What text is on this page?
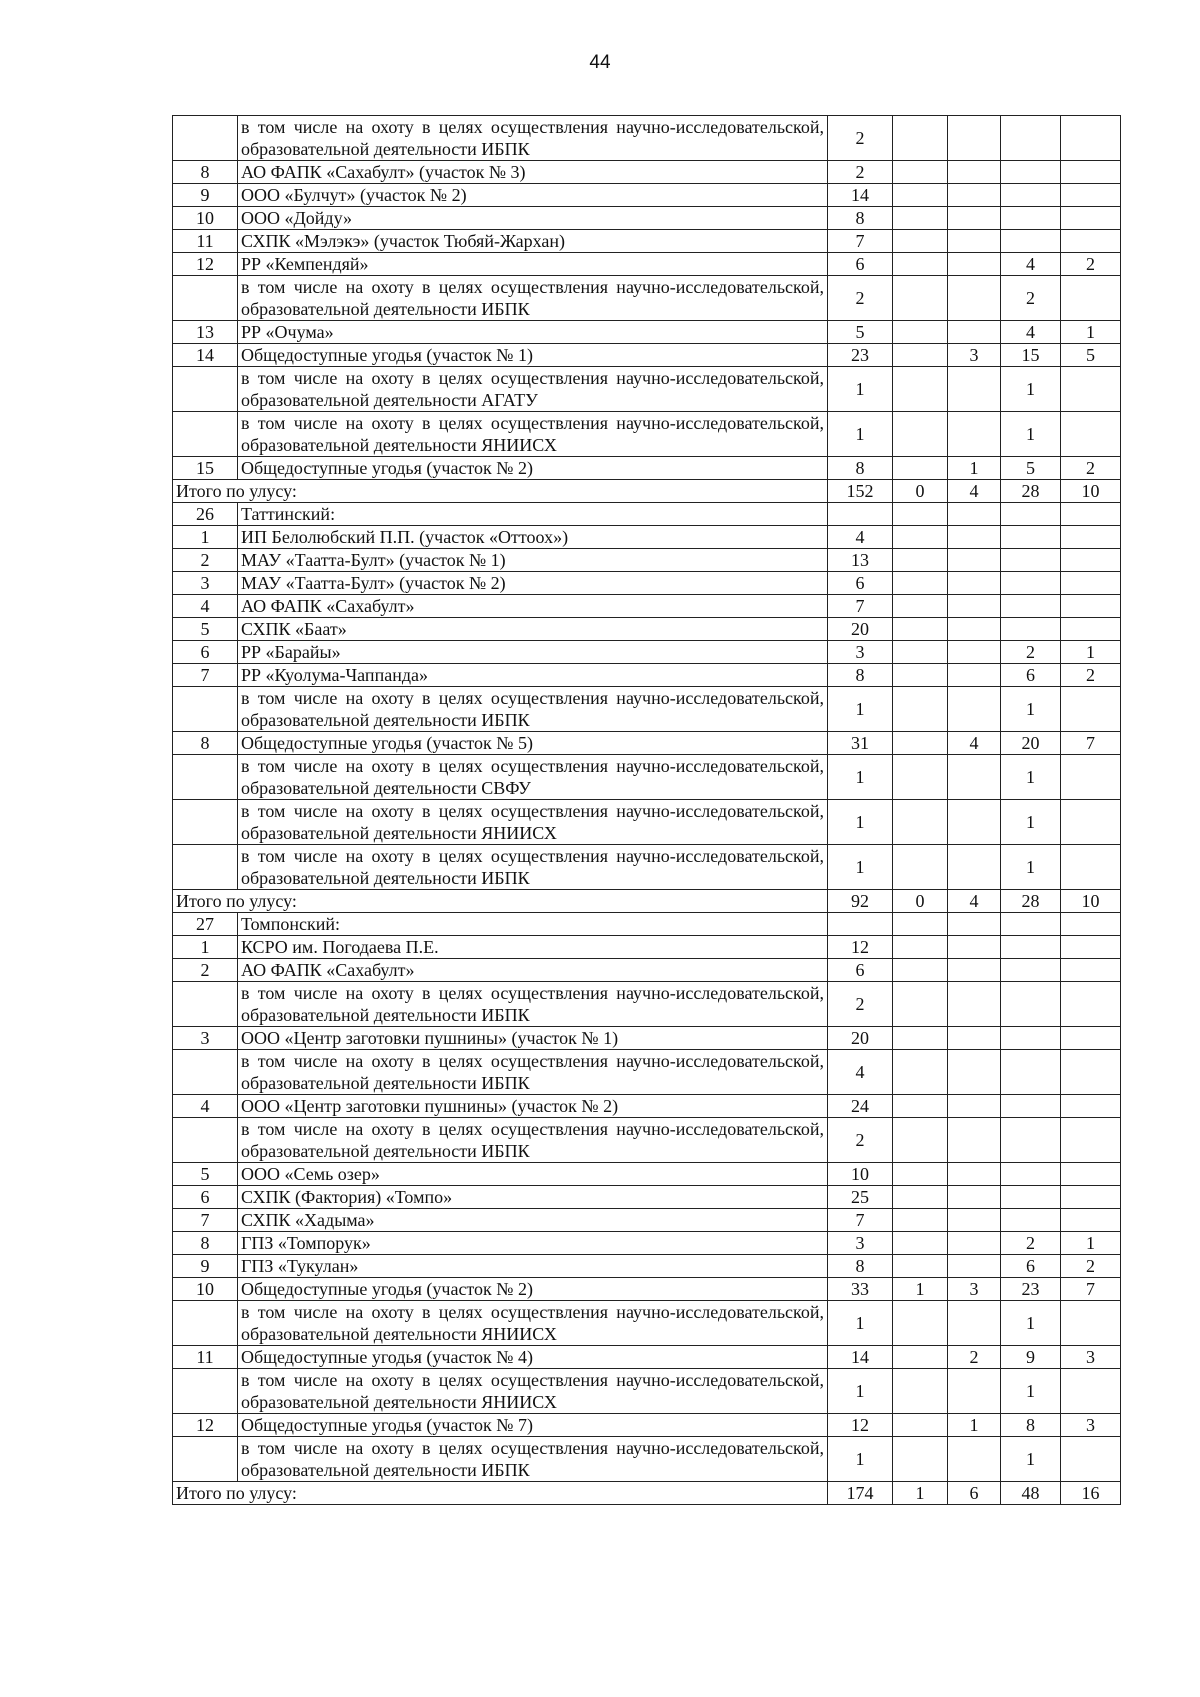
44
	в том числе на охоту в целях осуществления научно-исследовательской, образовательной деятельности ИБПК	2				
8	АО ФАПК «Сахабулт» (участок № 3)	2				
9	ООО «Булчут» (участок № 2)	14				
10	ООО «Дойду»	8				
11	СХПК «Мэлэкэ» (участок Тюбяй-Жархан)	7				
12	РР «Кемпендяй»	6			4	2
	в том числе на охоту в целях осуществления научно-исследовательской, образовательной деятельности ИБПК	2			2	
13	РР «Очума»	5			4	1
14	Общедоступные угодья (участок № 1)	23		3	15	5
	в том числе на охоту в целях осуществления научно-исследовательской, образовательной деятельности АГАТУ	1			1	
	в том числе на охоту в целях осуществления научно-исследовательской, образовательной деятельности ЯНИИСХ	1			1	
15	Общедоступные угодья (участок № 2)	8		1	5	2
Итого по улусу:		152	0	4	28	10
26	Таттинский:					
1	ИП Белолюбский П.П. (участок «Оттоох»)	4				
2	МАУ «Таатта-Булт» (участок № 1)	13				
3	МАУ «Таатта-Булт» (участок № 2)	6				
4	АО ФАПК «Сахабулт»	7				
5	СХПК «Баат»	20				
6	РР «Барайы»	3			2	1
7	РР «Куолума-Чаппанда»	8			6	2
	в том числе на охоту в целях осуществления научно-исследовательской, образовательной деятельности ИБПК	1			1	
8	Общедоступные угодья (участок № 5)	31		4	20	7
	в том числе на охоту в целях осуществления научно-исследовательской, образовательной деятельности СВФУ	1			1	
	в том числе на охоту в целях осуществления научно-исследовательской, образовательной деятельности ЯНИИСХ	1			1	
	в том числе на охоту в целях осуществления научно-исследовательской, образовательной деятельности ИБПК	1			1	
Итого по улусу:		92	0	4	28	10
27	Томпонский:					
1	КСРО им. Погодаева П.Е.	12				
2	АО ФАПК «Сахабулт»	6				
	в том числе на охоту в целях осуществления научно-исследовательской, образовательной деятельности ИБПК	2				
3	ООО «Центр заготовки пушнины» (участок № 1)	20				
	в том числе на охоту в целях осуществления научно-исследовательской, образовательной деятельности ИБПК	4				
4	ООО «Центр заготовки пушнины» (участок № 2)	24				
	в том числе на охоту в целях осуществления научно-исследовательской, образовательной деятельности ИБПК	2				
5	ООО «Семь озер»	10				
6	СХПК (Фактория) «Томпо»	25				
7	СХПК «Хадыма»	7				
8	ГПЗ «Томпорук»	3			2	1
9	ГПЗ «Тукулан»	8			6	2
10	Общедоступные угодья (участок № 2)	33	1	3	23	7
	в том числе на охоту в целях осуществления научно-исследовательской, образовательной деятельности ЯНИИСХ	1			1	
11	Общедоступные угодья (участок № 4)	14		2	9	3
	в том числе на охоту в целях осуществления научно-исследовательской, образовательной деятельности ЯНИИСХ	1			1	
12	Общедоступные угодья (участок № 7)	12		1	8	3
	в том числе на охоту в целях осуществления научно-исследовательской, образовательной деятельности ИБПК	1			1	
Итого по улусу:		174	1	6	48	16
